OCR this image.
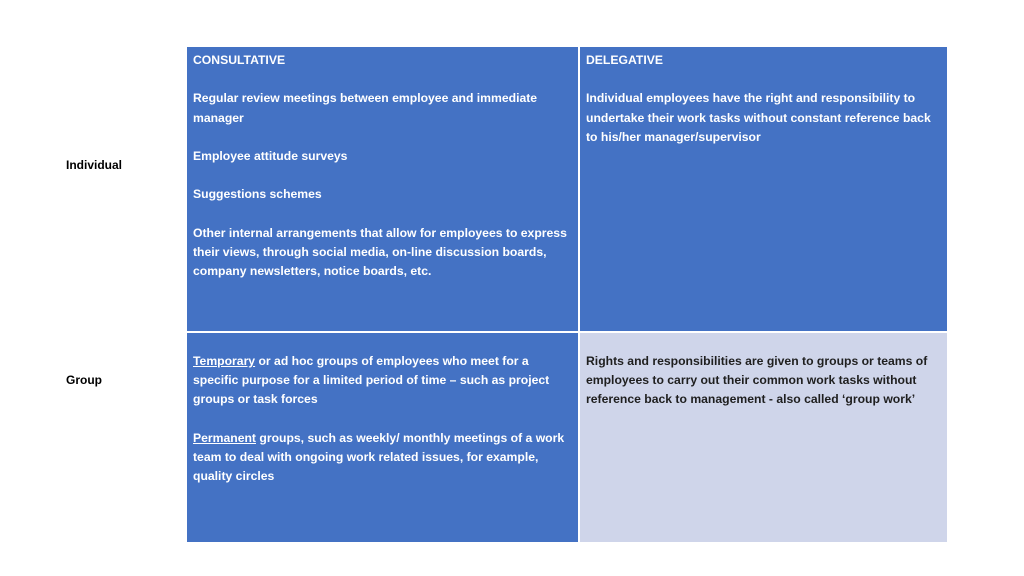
Individual
Group

CONSULTATIVE

Regular review meetings between employee and immediate manager

Employee attitude surveys

Suggestions schemes

Other internal arrangements that allow for employees to express their views, through social media, on-line discussion boards, company newsletters, notice boards, etc.

DELEGATIVE

Individual employees have the right and responsibility to undertake their work tasks without constant reference back to his/her manager/supervisor

Temporary or ad hoc groups of employees who meet for a specific purpose for a limited period of time – such as project groups or task forces

Permanent groups, such as weekly/ monthly meetings of a work team to deal with ongoing work related issues, for example, quality circles

Rights and responsibilities are given to groups or teams of employees to carry out their common work tasks without reference back to management - also called ‘group work’
